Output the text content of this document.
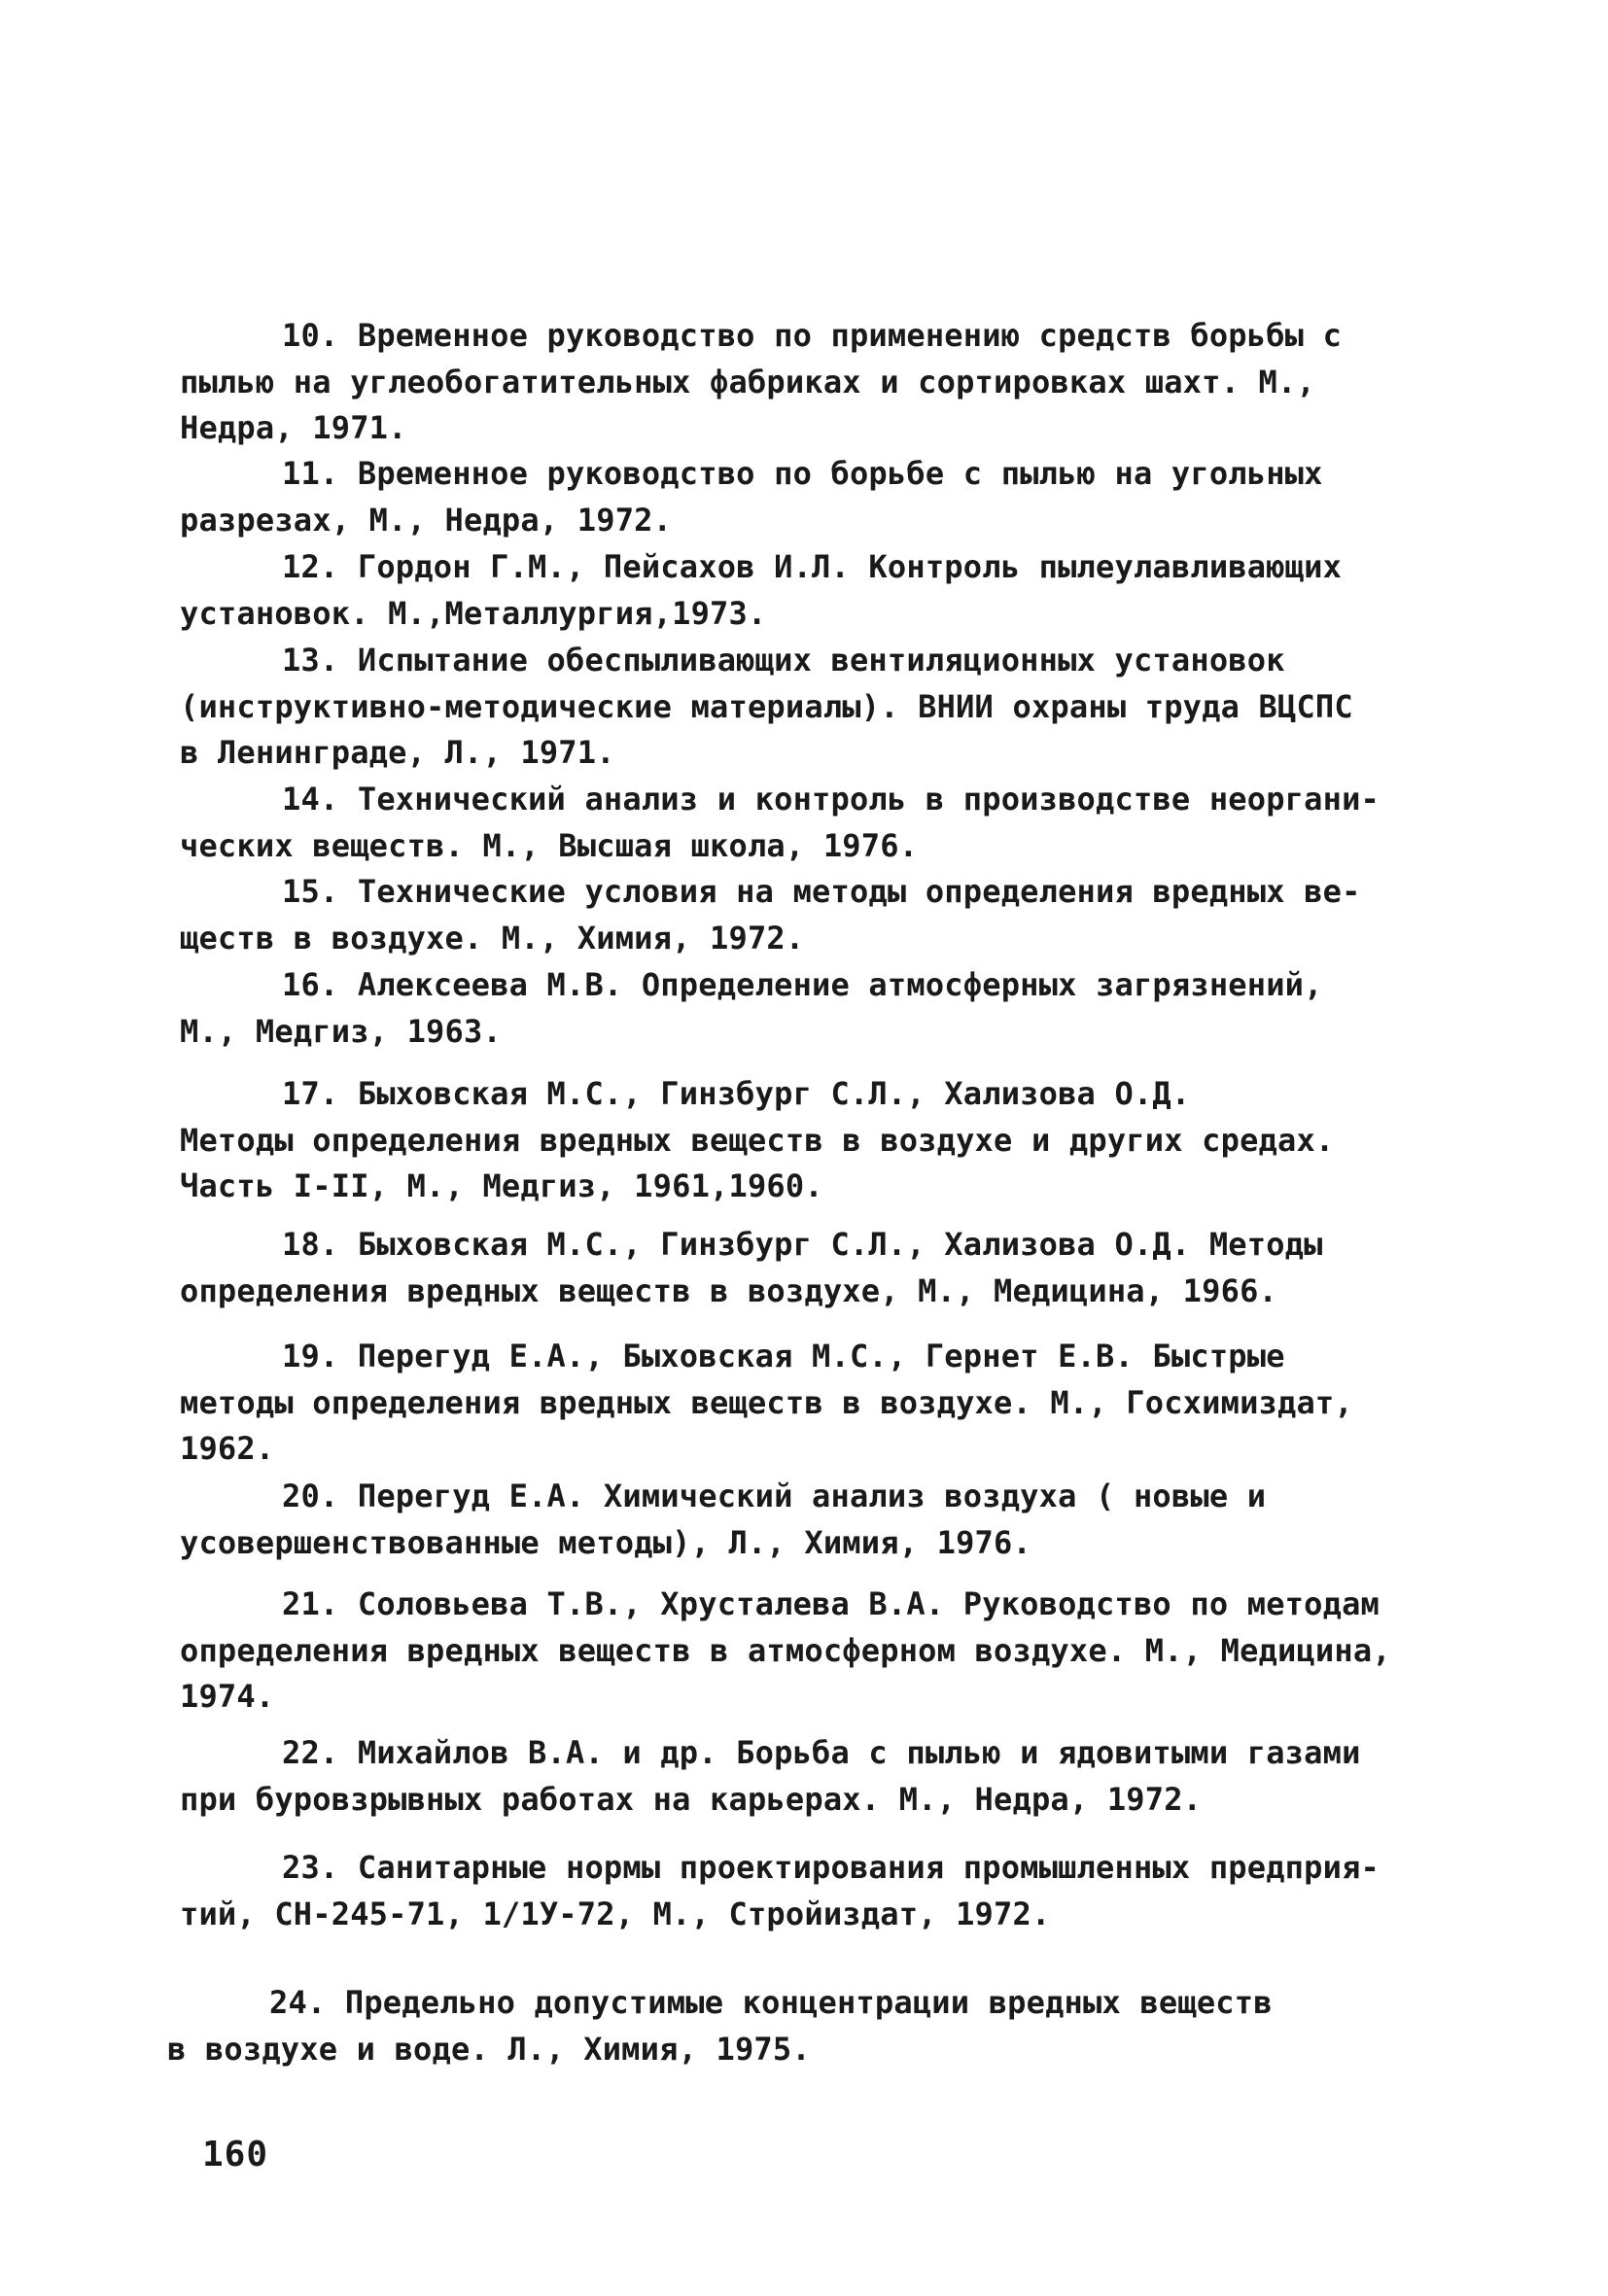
10. Временное руководство по применению средств борьбы с
пылью на углеобогатительных фабриках и сортировках шахт. М.,
Недра, 1971.
11. Временное руководство по борьбе с пылью на угольных
разрезах, М., Недра, 1972.
12. Гордон Г.М., Пейсахов И.Л. Контроль пылеулавливающих
установок. М.,Металлургия,1973.
13. Испытание обеспыливающих вентиляционных установок
(инструктивно-методические материалы). ВНИИ охраны труда ВЦСПС
в Ленинграде, Л., 1971.
14. Технический анализ и контроль в производстве неоргани-
ческих веществ. М., Высшая школа, 1976.
15. Технические условия на методы определения вредных ве-
ществ в воздухе. М., Химия, 1972.
16. Алексеева М.В. Определение атмосферных загрязнений,
М., Медгиз, 1963.
17. Быховская М.С., Гинзбург С.Л., Хализова О.Д.
Методы определения вредных веществ в воздухе и других средах.
Часть I-II, М., Медгиз, 1961,1960.
18. Быховская М.С., Гинзбург С.Л., Хализова О.Д. Методы
определения вредных веществ в воздухе, М., Медицина, 1966.
19. Перегуд Е.А., Быховская М.С., Гернет Е.В. Быстрые
методы определения вредных веществ в воздухе. М., Госхимиздат,
1962.
20. Перегуд Е.А. Химический анализ воздуха ( новые и
усовершенствованные методы), Л., Химия, 1976.
21. Соловьева Т.В., Хрусталева В.А. Руководство по методам
определения вредных веществ в атмосферном воздухе. М., Медицина,
1974.
22. Михайлов В.А. и др. Борьба с пылью и ядовитыми газами
при буровзрывных работах на карьерах. М., Недра, 1972.
23. Санитарные нормы проектирования промышленных предприя-
тий, СН-245-71, 1/1У-72, М., Стройиздат, 1972.
24. Предельно допустимые концентрации вредных веществ
в воздухе и воде. Л., Химия, 1975.
160
